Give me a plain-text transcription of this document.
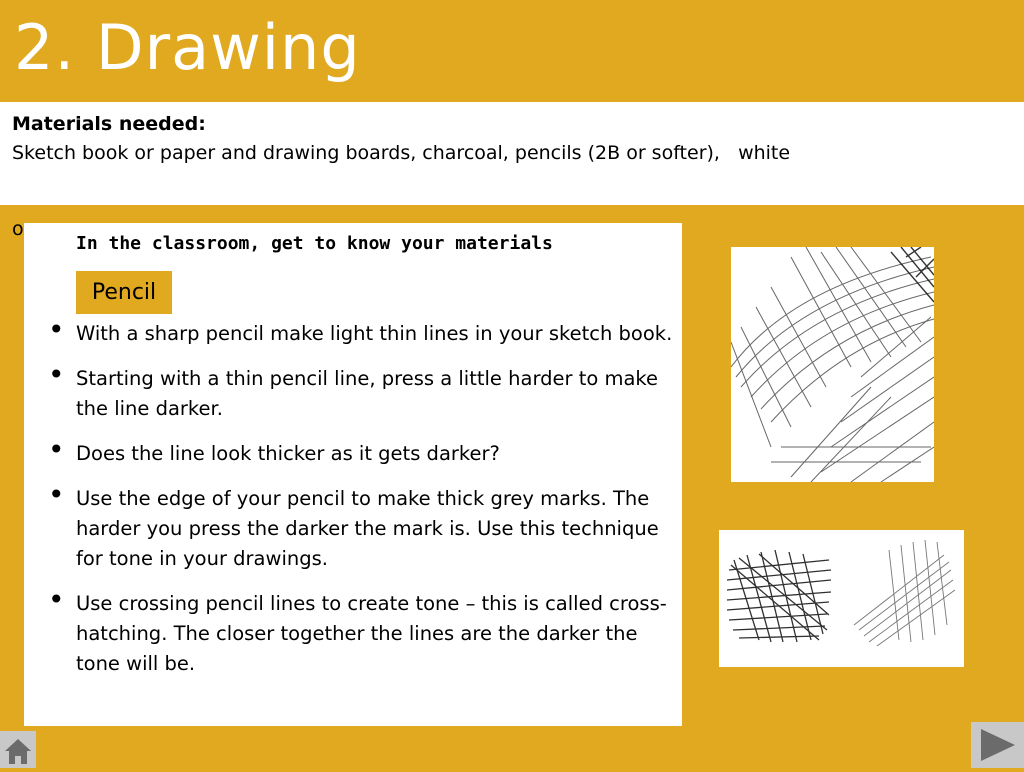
2. Drawing
Materials needed:
Sketch book or paper and drawing boards, charcoal, pencils (2B or softer),   white
o
In the classroom, get to know your materials
Pencil
• With a sharp pencil make light thin lines in your sketch book.
• Starting with a thin pencil line, press a little harder to make the line darker.
• Does the line look thicker as it gets darker?
• Use the edge of your pencil to make thick grey marks. The harder you press the darker the mark is. Use this technique for tone in your drawings.
• Use crossing pencil lines to create tone – this is called cross-hatching. The closer together the lines are the darker the tone will be.
